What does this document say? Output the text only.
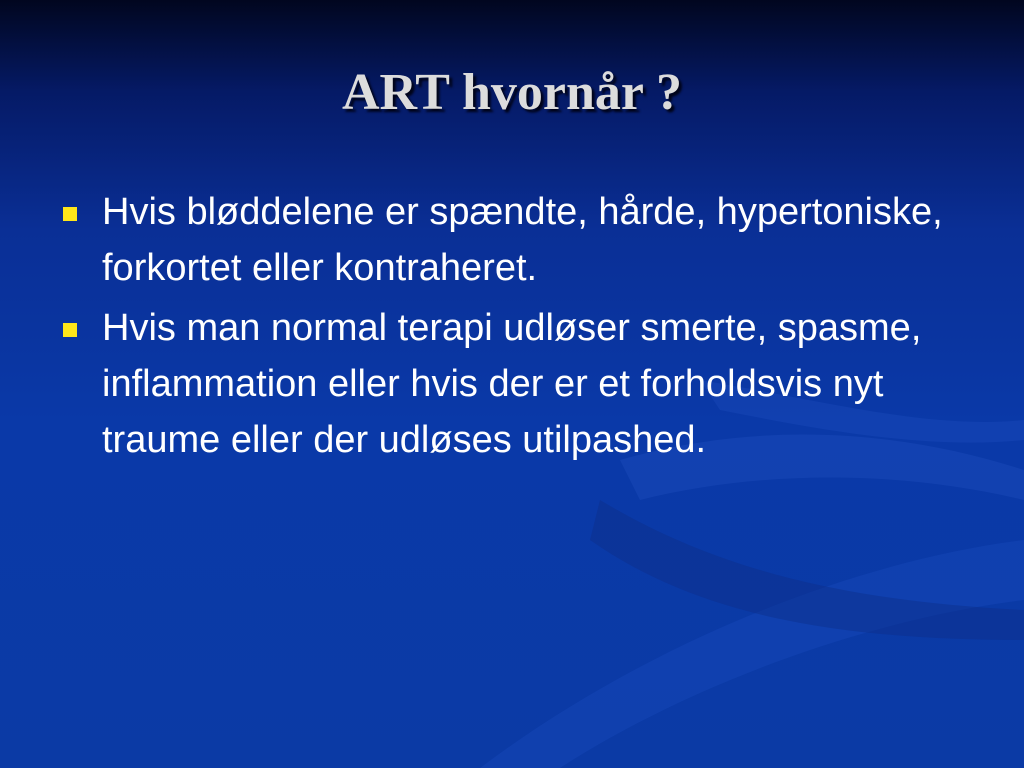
ART hvornår ?
Hvis bløddelene er spændte, hårde, hypertoniske, forkortet eller kontraheret.
Hvis man normal terapi udløser smerte, spasme, inflammation eller hvis der er et forholdsvis nyt traume eller der udløses utilpashed.
